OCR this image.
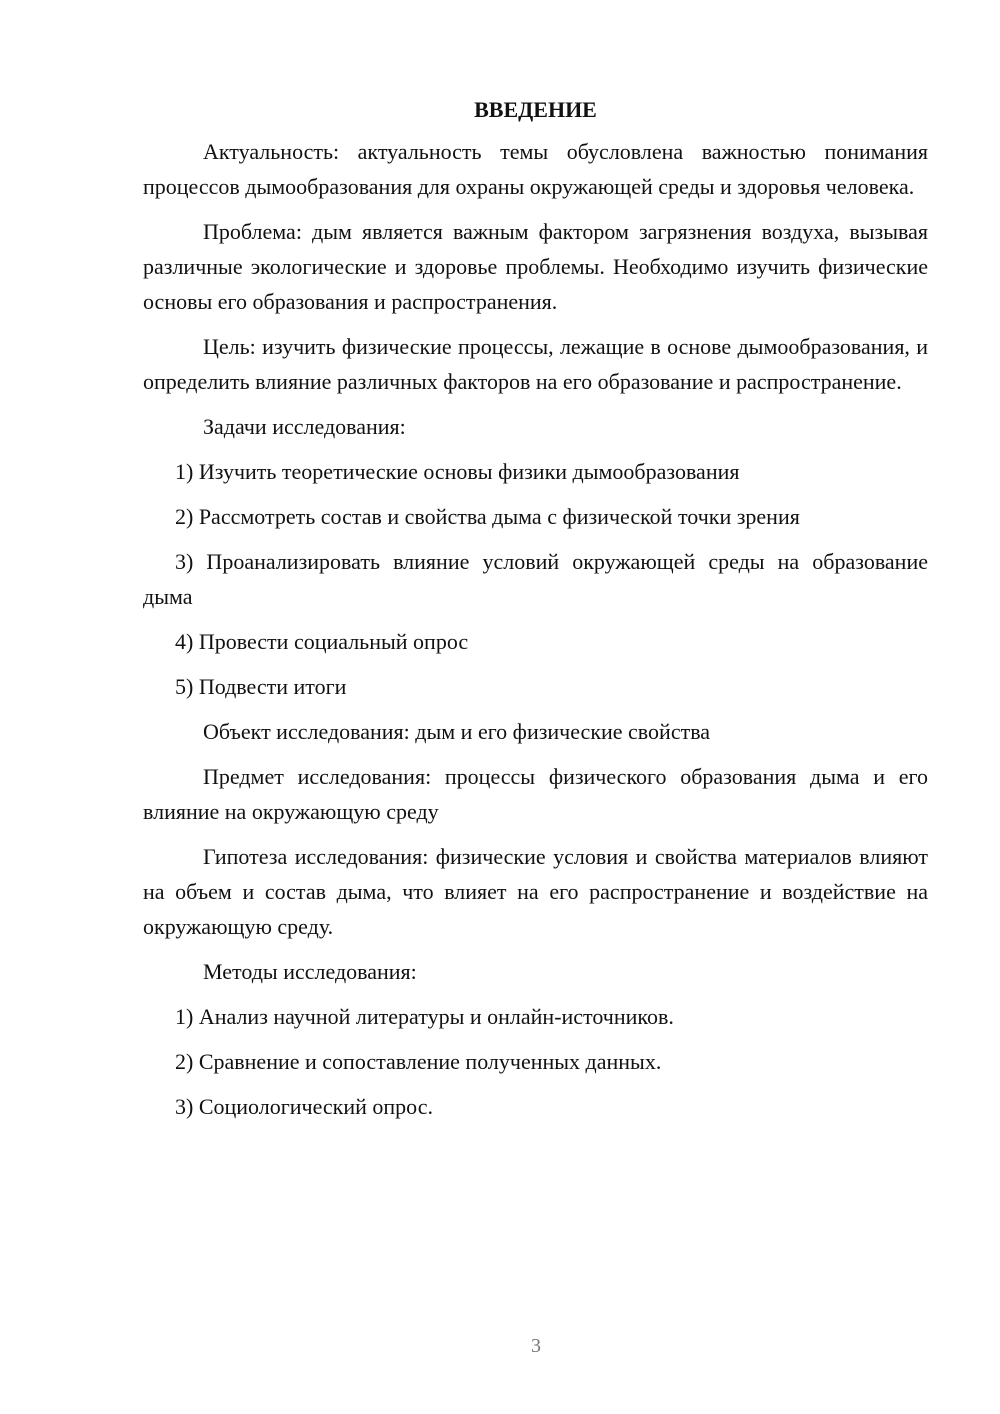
ВВЕДЕНИЕ

Актуальность: актуальность темы обусловлена важностью понимания процессов дымообразования для охраны окружающей среды и здоровья человека.

Проблема: дым является важным фактором загрязнения воздуха, вызывая различные экологические и здоровье проблемы. Необходимо изучить физические основы его образования и распространения.

Цель: изучить физические процессы, лежащие в основе дымообразования, и определить влияние различных факторов на его образование и распространение.

Задачи исследования:

1) Изучить теоретические основы физики дымообразования

2) Рассмотреть состав и свойства дыма с физической точки зрения

3) Проанализировать влияние условий окружающей среды на образование дыма

4) Провести социальный опрос

5) Подвести итоги

Объект исследования: дым и его физические свойства

Предмет исследования: процессы физического образования дыма и его влияние на окружающую среду

Гипотеза исследования: физические условия и свойства материалов влияют на объем и состав дыма, что влияет на его распространение и воздействие на окружающую среду.

Методы исследования:

1) Анализ научной литературы и онлайн-источников.

2) Сравнение и сопоставление полученных данных.

3) Социологический опрос.

3
